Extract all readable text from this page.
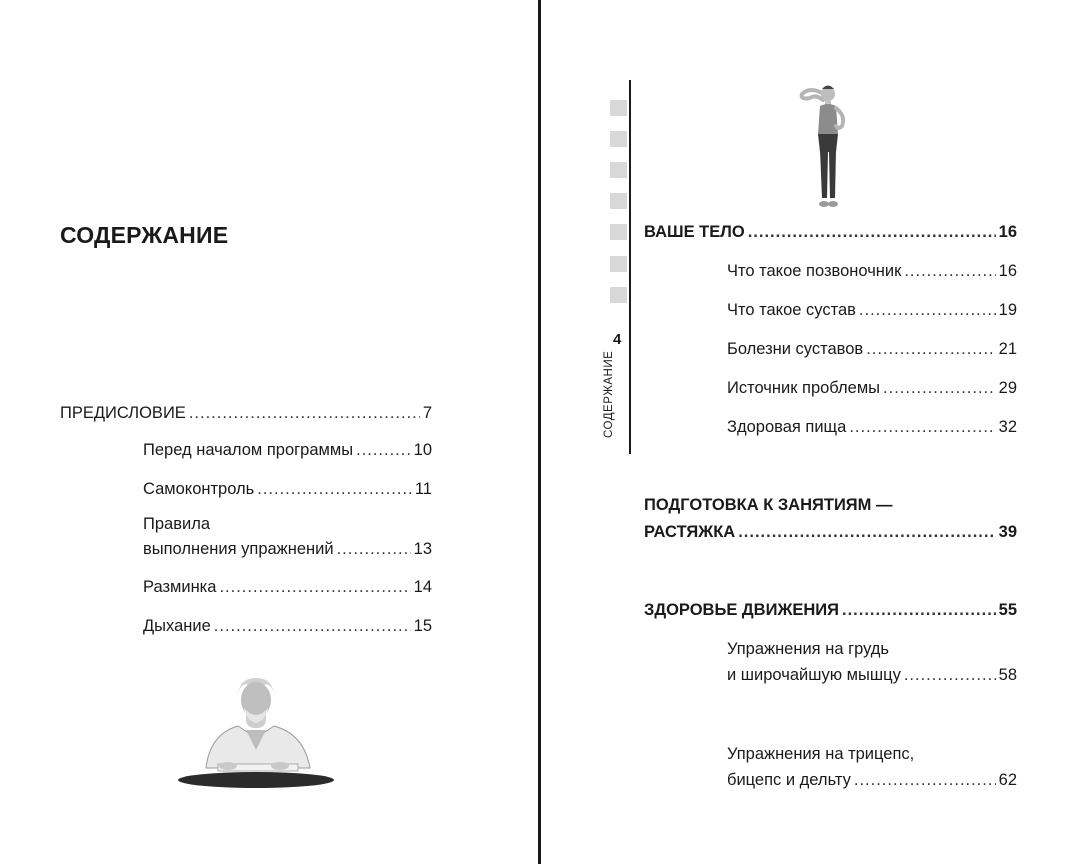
СОДЕРЖАНИЕ
ПРЕДИСЛОВИЕ .....	7
Перед началом программы .....	10
Самоконтроль .....	11
Правила
выполнения упражнений .....	13
Разминка .....	14
Дыхание .....	15
4
СОДЕРЖАНИЕ
ВАШЕ ТЕЛО .....	16
Что такое позвоночник .....	16
Что такое сустав .....	19
Болезни суставов .....	21
Источник проблемы .....	29
Здоровая пища .....	32
ПОДГОТОВКА К ЗАНЯТИЯМ —
РАСТЯЖКА .....	39
ЗДОРОВЬЕ ДВИЖЕНИЯ .....	55
Упражнения на грудь
и широчайшую мышцу .....	58
Упражнения на трицепс,
бицепс и дельту .....	62
